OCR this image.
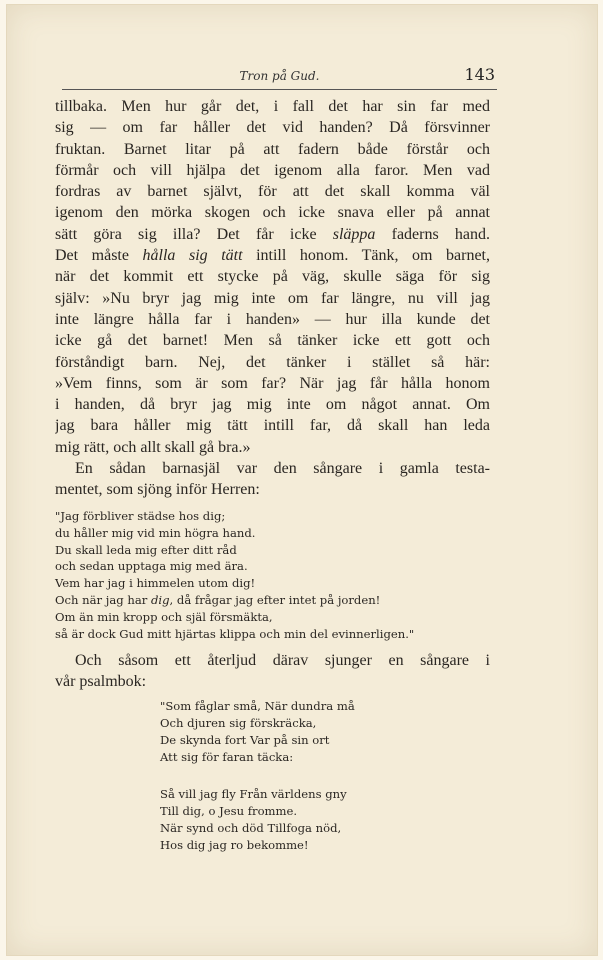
Tron på Gud.	143
tillbaka. Men hur går det, i fall det har sin far med
sig — om far håller det vid handen? Då försvinner
fruktan. Barnet litar på att fadern både förstår och
förmår och vill hjälpa det igenom alla faror. Men vad
fordras av barnet självt, för att det skall komma väl
igenom den mörka skogen och icke snava eller på annat
sätt göra sig illa? Det får icke släppa faderns hand.
Det måste hålla sig tätt intill honom. Tänk, om barnet,
när det kommit ett stycke på väg, skulle säga för sig
själv: »Nu bryr jag mig inte om far längre, nu vill jag
inte längre hålla far i handen» — hur illa kunde det
icke gå det barnet! Men så tänker icke ett gott och
förståndigt barn. Nej, det tänker i stället så här:
»Vem finns, som är som far? När jag får hålla honom
i handen, då bryr jag mig inte om något annat. Om
jag bara håller mig tätt intill far, då skall han leda
mig rätt, och allt skall gå bra.»
En sådan barnasjäl var den sångare i gamla testa-
mentet, som sjöng inför Herren:
"Jag förbliver städse hos dig;
du håller mig vid min högra hand.
Du skall leda mig efter ditt råd
och sedan upptaga mig med ära.
Vem har jag i himmelen utom dig!
Och när jag har dig, då frågar jag efter intet på jorden!
Om än min kropp och själ försmäkta,
så är dock Gud mitt hjärtas klippa och min del evinnerligen."
Och såsom ett återljud därav sjunger en sångare i
vår psalmbok:
"Som fåglar små, När dundra må
Och djuren sig förskräcka,
De skynda fort Var på sin ort
Att sig för faran täcka:
Så vill jag fly Från världens gny
Till dig, o Jesu fromme.
När synd och död Tillfoga nöd,
Hos dig jag ro bekomme!
